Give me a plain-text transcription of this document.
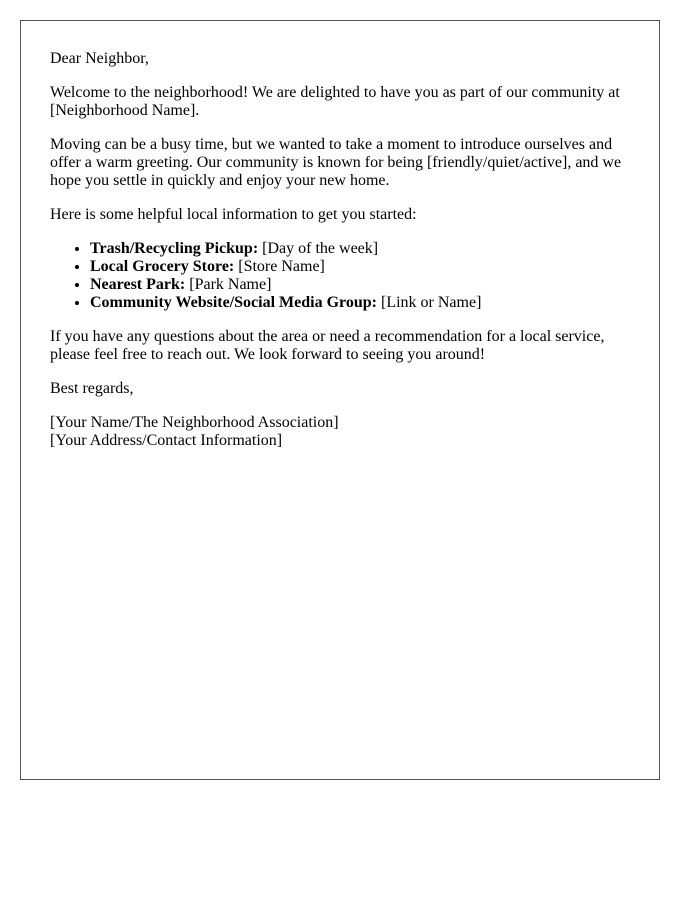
Dear Neighbor,

Welcome to the neighborhood! We are delighted to have you as part of our community at [Neighborhood Name].

Moving can be a busy time, but we wanted to take a moment to introduce ourselves and offer a warm greeting. Our community is known for being [friendly/quiet/active], and we hope you settle in quickly and enjoy your new home.

Here is some helpful local information to get you started:

• Trash/Recycling Pickup: [Day of the week]
• Local Grocery Store: [Store Name]
• Nearest Park: [Park Name]
• Community Website/Social Media Group: [Link or Name]

If you have any questions about the area or need a recommendation for a local service, please feel free to reach out. We look forward to seeing you around!

Best regards,

[Your Name/The Neighborhood Association]

[Your Address/Contact Information]
